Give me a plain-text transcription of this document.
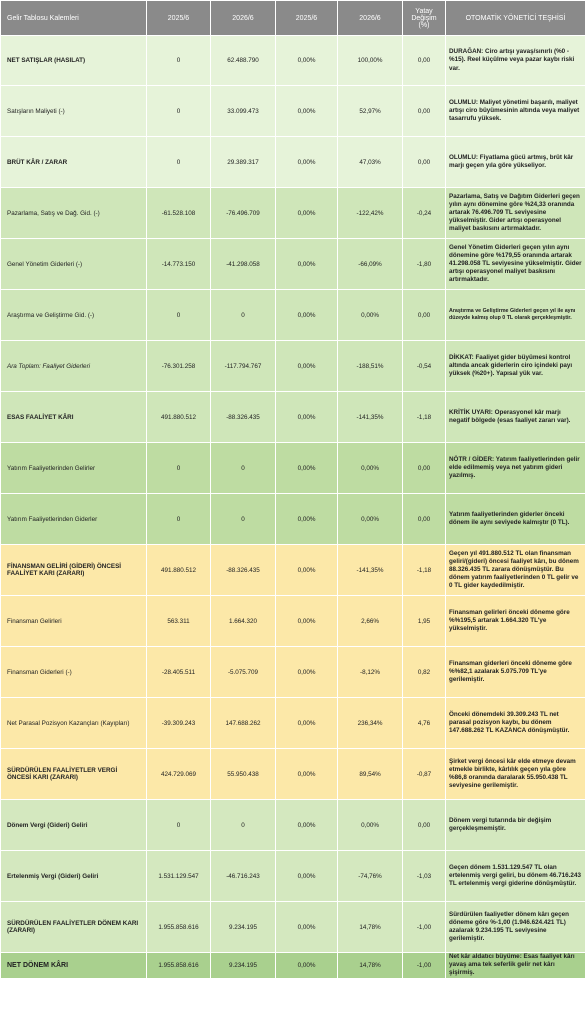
Gelir Tablosu Kalemleri	2025/6	2026/6	2025/6	2026/6	Yatay Değişim (%)	OTOMATİK YÖNETİCİ TEŞHİSİ
NET SATIŞLAR (HASILAT)	0	62.488.790	0,00%	100,00%	0,00	DURAĞAN: Ciro artışı yavaş/sınırlı (%0 - %15). Reel küçülme veya pazar kaybı riski var.
Satışların Maliyeti (-)	0	33.099.473	0,00%	52,97%	0,00	OLUMLU: Maliyet yönetimi başarılı, maliyet artışı ciro büyümesinin altında veya maliyet tasarrufu yüksek.
BRÜT KÂR / ZARAR	0	29.389.317	0,00%	47,03%	0,00	OLUMLU: Fiyatlama gücü artmış, brüt kâr marjı geçen yıla göre yükseliyor.
Pazarlama, Satış ve Dağ. Gid. (-)	-61.528.108	-76.496.709	0,00%	-122,42%	-0,24	Pazarlama, Satış ve Dağıtım Giderleri geçen yılın aynı dönemine göre %24,33 oranında artarak 76.496.709 TL seviyesine yükselmiştir. Gider artışı operasyonel maliyet baskısını artırmaktadır.
Genel Yönetim Giderleri (-)	-14.773.150	-41.298.058	0,00%	-66,09%	-1,80	Genel Yönetim Giderleri geçen yılın aynı dönemine göre %179,55 oranında artarak 41.298.058 TL seviyesine yükselmiştir. Gider artışı operasyonel maliyet baskısını artırmaktadır.
Araştırma ve Geliştirme Gid. (-)	0	0	0,00%	0,00%	0,00	Araştırma ve Geliştirme Giderleri geçen yıl ile aynı düzeyde kalmış olup 0 TL olarak gerçekleşmiştir.
Ara Toplam: Faaliyet Giderleri	-76.301.258	-117.794.767	0,00%	-188,51%	-0,54	DİKKAT: Faaliyet gider büyümesi kontrol altında ancak giderlerin ciro içindeki payı yüksek (%20+). Yapısal yük var.
ESAS FAALİYET KÂRI	491.880.512	-88.326.435	0,00%	-141,35%	-1,18	KRİTİK UYARI: Operasyonel kâr marjı negatif bölgede (esas faaliyet zararı var).
Yatırım Faaliyetlerinden Gelirler	0	0	0,00%	0,00%	0,00	NÖTR / GİDER: Yatırım faaliyetlerinden gelir elde edilmemiş veya net yatırım gideri yazılmış.
Yatırım Faaliyetlerinden Giderler	0	0	0,00%	0,00%	0,00	Yatırım faaliyetlerinden giderler önceki dönem ile aynı seviyede kalmıştır (0 TL).
FİNANSMAN GELİRİ (GİDERİ) ÖNCESİ FAALİYET KARI (ZARARI)	491.880.512	-88.326.435	0,00%	-141,35%	-1,18	Geçen yıl 491.880.512 TL olan finansman geliri/(gideri) öncesi faaliyet kârı, bu dönem 88.326.435 TL zarara dönüşmüştür. Bu dönem yatırım faaliyetlerinden 0 TL gelir ve 0 TL gider kaydedilmiştir.
Finansman Gelirleri	563.311	1.664.320	0,00%	2,66%	1,95	Finansman gelirleri önceki döneme göre %%195,5 artarak 1.664.320 TL'ye yükselmiştir.
Finansman Giderleri (-)	-28.405.511	-5.075.709	0,00%	-8,12%	0,82	Finansman giderleri önceki döneme göre %%82,1 azalarak 5.075.709 TL'ye gerilemiştir.
Net Parasal Pozisyon Kazançları (Kayıpları)	-39.309.243	147.688.262	0,00%	236,34%	4,76	Önceki dönemdeki 39.309.243 TL net parasal pozisyon kaybı, bu dönem 147.688.262 TL KAZANCA dönüşmüştür.
SÜRDÜRÜLEN FAALİYETLER VERGİ ÖNCESİ KARI (ZARARI)	424.729.069	55.950.438	0,00%	89,54%	-0,87	Şirket vergi öncesi kâr elde etmeye devam etmekle birlikte, kârlılık geçen yıla göre %86,8 oranında daralarak 55.950.438 TL seviyesine gerilemiştir.
Dönem Vergi (Gideri) Geliri	0	0	0,00%	0,00%	0,00	Dönem vergi tutarında bir değişim gerçekleşmemiştir.
Ertelenmiş Vergi (Gideri) Geliri	1.531.129.547	-46.716.243	0,00%	-74,76%	-1,03	Geçen dönem 1.531.129.547 TL olan ertelenmiş vergi geliri, bu dönem 46.716.243 TL ertelenmiş vergi giderine dönüşmüştür.
SÜRDÜRÜLEN FAALİYETLER DÖNEM KARI (ZARARI)	1.955.858.616	9.234.195	0,00%	14,78%	-1,00	Sürdürülen faaliyetler dönem kârı geçen döneme göre %-1,00 (1.946.624.421 TL) azalarak 9.234.195 TL seviyesine gerilemiştir.
NET DÖNEM KÂRI	1.955.858.616	9.234.195	0,00%	14,78%	-1,00	Net kâr aldatıcı büyüme: Esas faaliyet kârı yavaş ama tek seferlik gelir net kârı şişirmiş.
